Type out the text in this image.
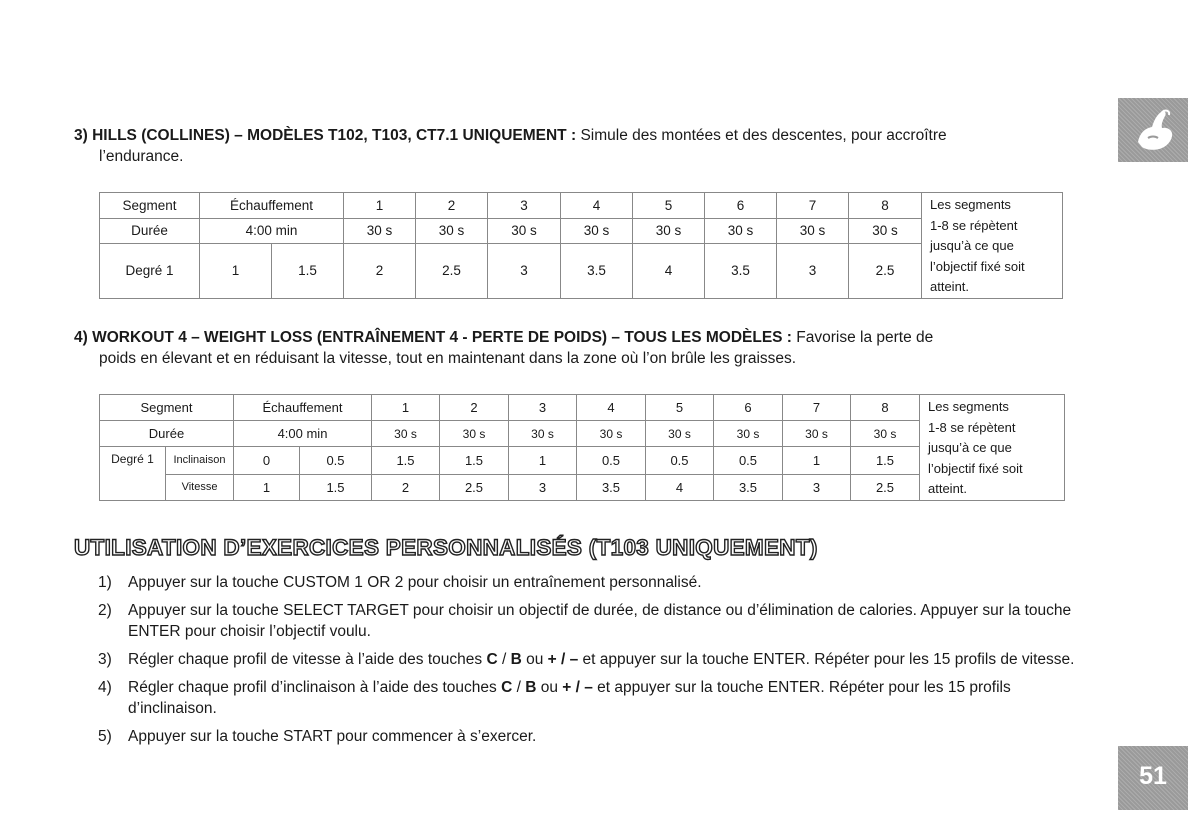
3) HILLS (COLLINES) – MODÈLES T102, T103, CT7.1 UNIQUEMENT : Simule des montées et des descentes, pour accroître
l’endurance.
Segment	Échauffement		1	2	3	4	5	6	7	8	Les segments
1-8 se répètent
jusqu’à ce que
l’objectif fixé soit
atteint.

Durée	4:00 min		30 s	30 s	30 s	30 s	30 s	30 s	30 s	30 s	
Degré 1	1	1.5	2	2.5	3	3.5	4	3.5	3	2.5	
4) WORKOUT 4 – WEIGHT LOSS (ENTRAÎNEMENT 4 - PERTE DE POIDS) – TOUS LES MODÈLES : Favorise la perte de
poids en élevant et en réduisant la vitesse, tout en maintenant dans la zone où l’on brûle les graisses.
Segment		Échauffement		1	2	3	4	5	6	7	8	Les segments
1-8 se répètent
jusqu’à ce que
l’objectif fixé soit
atteint.

Durée		4:00 min		30 s	30 s	30 s	30 s	30 s	30 s	30 s	30 s	
Degré 1	Inclinaison	0	0.5	1.5	1.5	1	0.5	0.5	0.5	1	1.5	
	Vitesse	1	1.5	2	2.5	3	3.5	4	3.5	3	2.5	
UTILISATION D’EXERCICES PERSONNALISÉS (T103 UNIQUEMENT)
1) Appuyer sur la touche CUSTOM 1 OR 2 pour choisir un entraînement personnalisé.
2) Appuyer sur la touche SELECT TARGET pour choisir un objectif de durée, de distance ou d’élimination de calories. Appuyer sur la touche ENTER pour choisir l’objectif voulu.
3) Régler chaque profil de vitesse à l’aide des touches C / B ou + / – et appuyer sur la touche ENTER. Répéter pour les 15 profils de vitesse.
4) Régler chaque profil d’inclinaison à l’aide des touches C / B ou + / – et appuyer sur la touche ENTER. Répéter pour les 15 profils d’inclinaison.
5) Appuyer sur la touche START pour commencer à s’exercer.
51
